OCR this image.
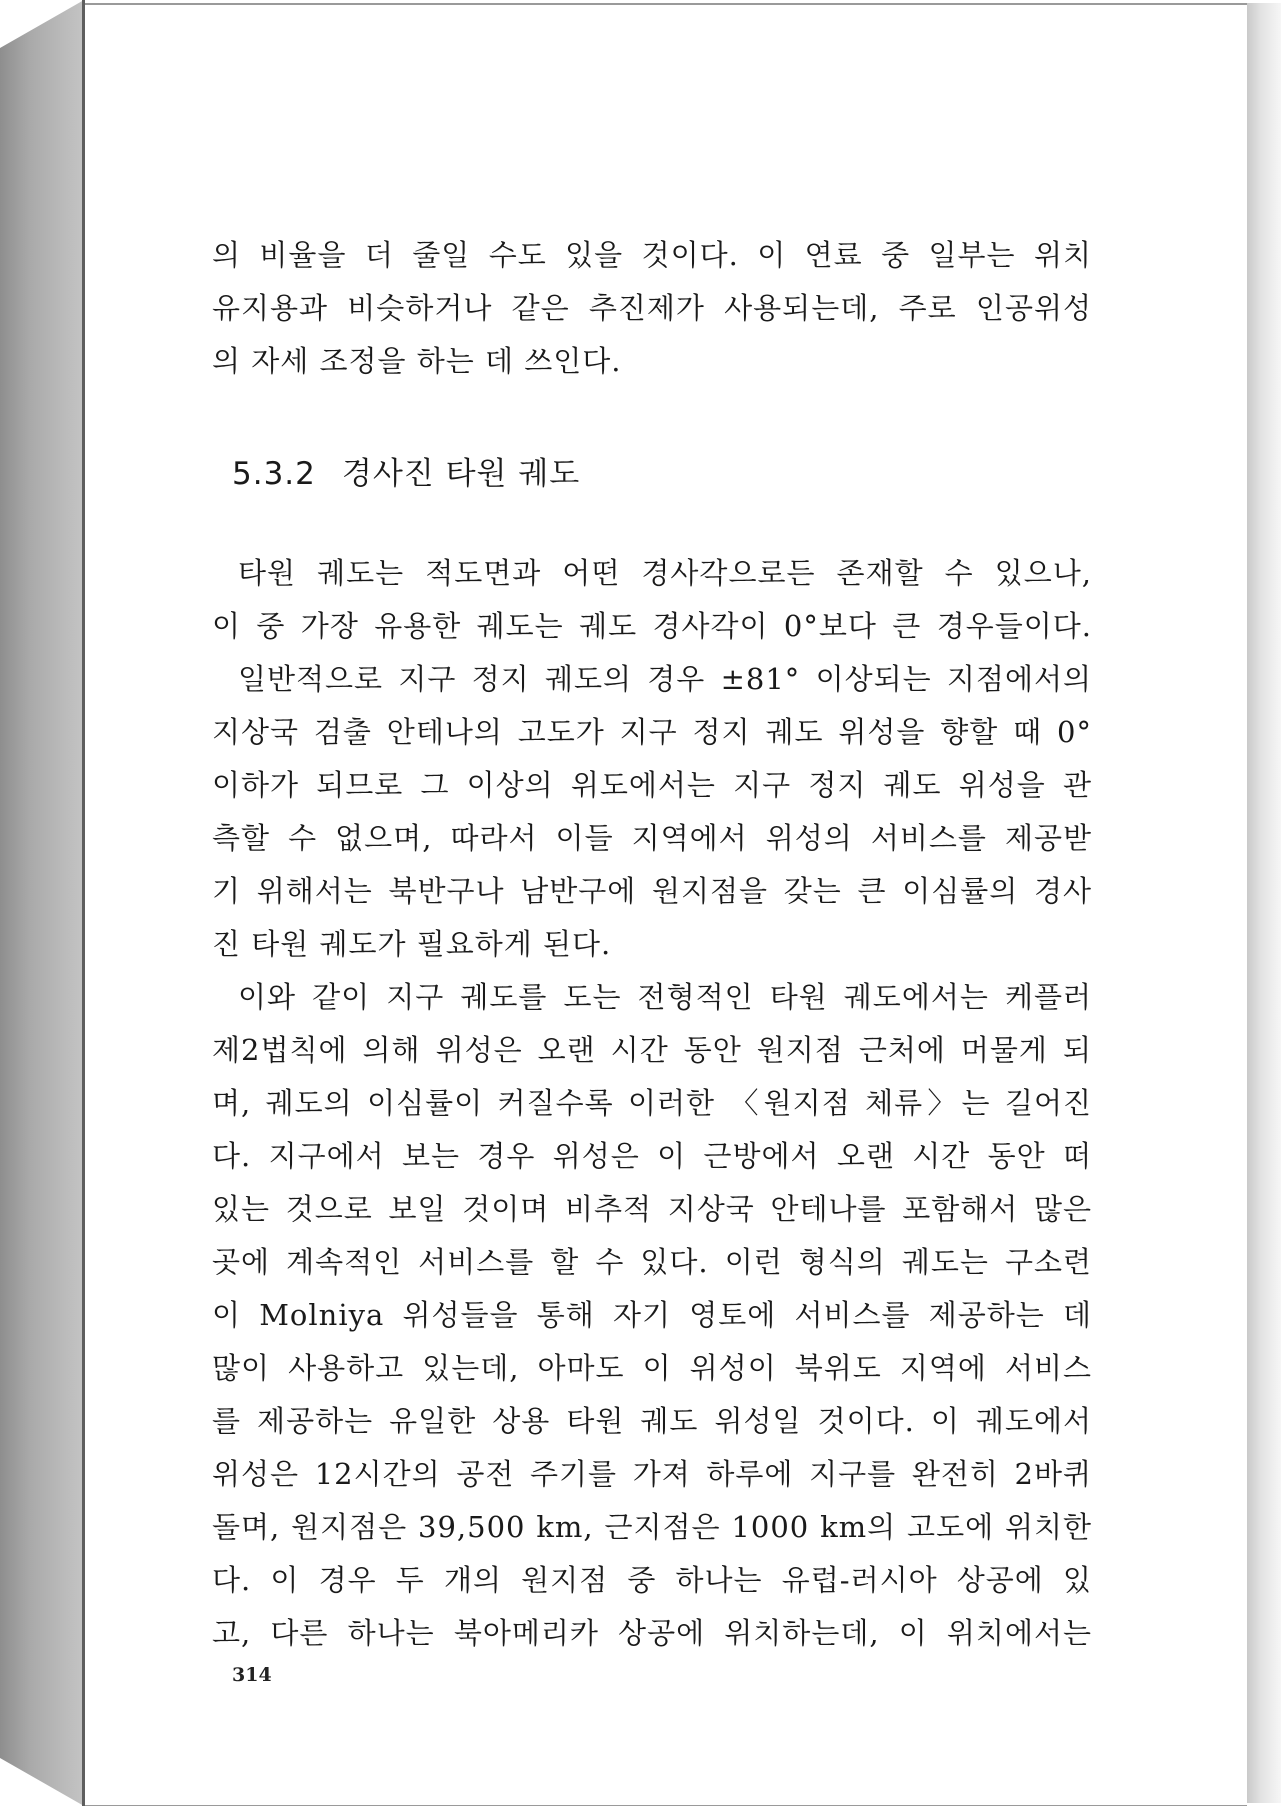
의 비율을 더 줄일 수도 있을 것이다. 이 연료 중 일부는 위치
유지용과 비슷하거나 같은 추진제가 사용되는데, 주로 인공위성
의 자세 조정을 하는 데 쓰인다.
5.3.2 경사진 타원 궤도
타원 궤도는 적도면과 어떤 경사각으로든 존재할 수 있으나,
이 중 가장 유용한 궤도는 궤도 경사각이 0°보다 큰 경우들이다.
일반적으로 지구 정지 궤도의 경우 ±81° 이상되는 지점에서의
지상국 검출 안테나의 고도가 지구 정지 궤도 위성을 향할 때 0°
이하가 되므로 그 이상의 위도에서는 지구 정지 궤도 위성을 관
측할 수 없으며, 따라서 이들 지역에서 위성의 서비스를 제공받
기 위해서는 북반구나 남반구에 원지점을 갖는 큰 이심률의 경사
진 타원 궤도가 필요하게 된다.
이와 같이 지구 궤도를 도는 전형적인 타원 궤도에서는 케플러
제2법칙에 의해 위성은 오랜 시간 동안 원지점 근처에 머물게 되
며, 궤도의 이심률이 커질수록 이러한 〈원지점 체류〉는 길어진
다. 지구에서 보는 경우 위성은 이 근방에서 오랜 시간 동안 떠
있는 것으로 보일 것이며 비추적 지상국 안테나를 포함해서 많은
곳에 계속적인 서비스를 할 수 있다. 이런 형식의 궤도는 구소련
이 Molniya 위성들을 통해 자기 영토에 서비스를 제공하는 데
많이 사용하고 있는데, 아마도 이 위성이 북위도 지역에 서비스
를 제공하는 유일한 상용 타원 궤도 위성일 것이다. 이 궤도에서
위성은 12시간의 공전 주기를 가져 하루에 지구를 완전히 2바퀴
돌며, 원지점은 39,500 km, 근지점은 1000 km의 고도에 위치한
다. 이 경우 두 개의 원지점 중 하나는 유럽-러시아 상공에 있
고, 다른 하나는 북아메리카 상공에 위치하는데, 이 위치에서는

314
